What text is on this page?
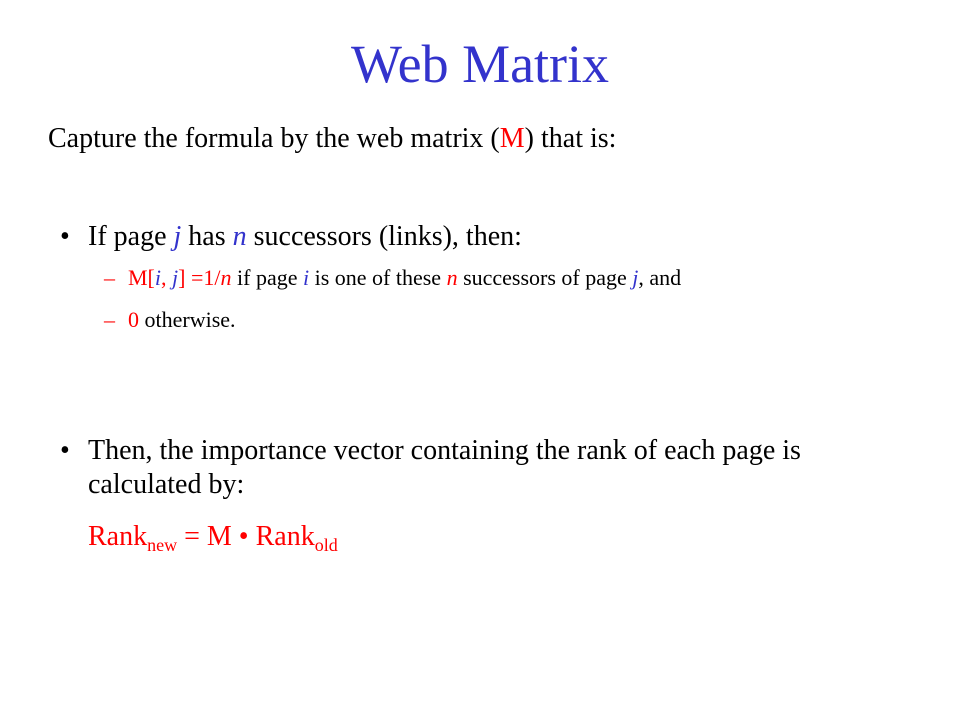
Web Matrix
Capture the formula by the web matrix (M) that is:
• If page j has n successors (links), then:
– M[i, j] =1/n if page i is one of these n successors of page j, and
– 0 otherwise.
• Then, the importance vector containing the rank of each page is calculated by:
Rank$_{new}$ = M • Rank$_{old}$
